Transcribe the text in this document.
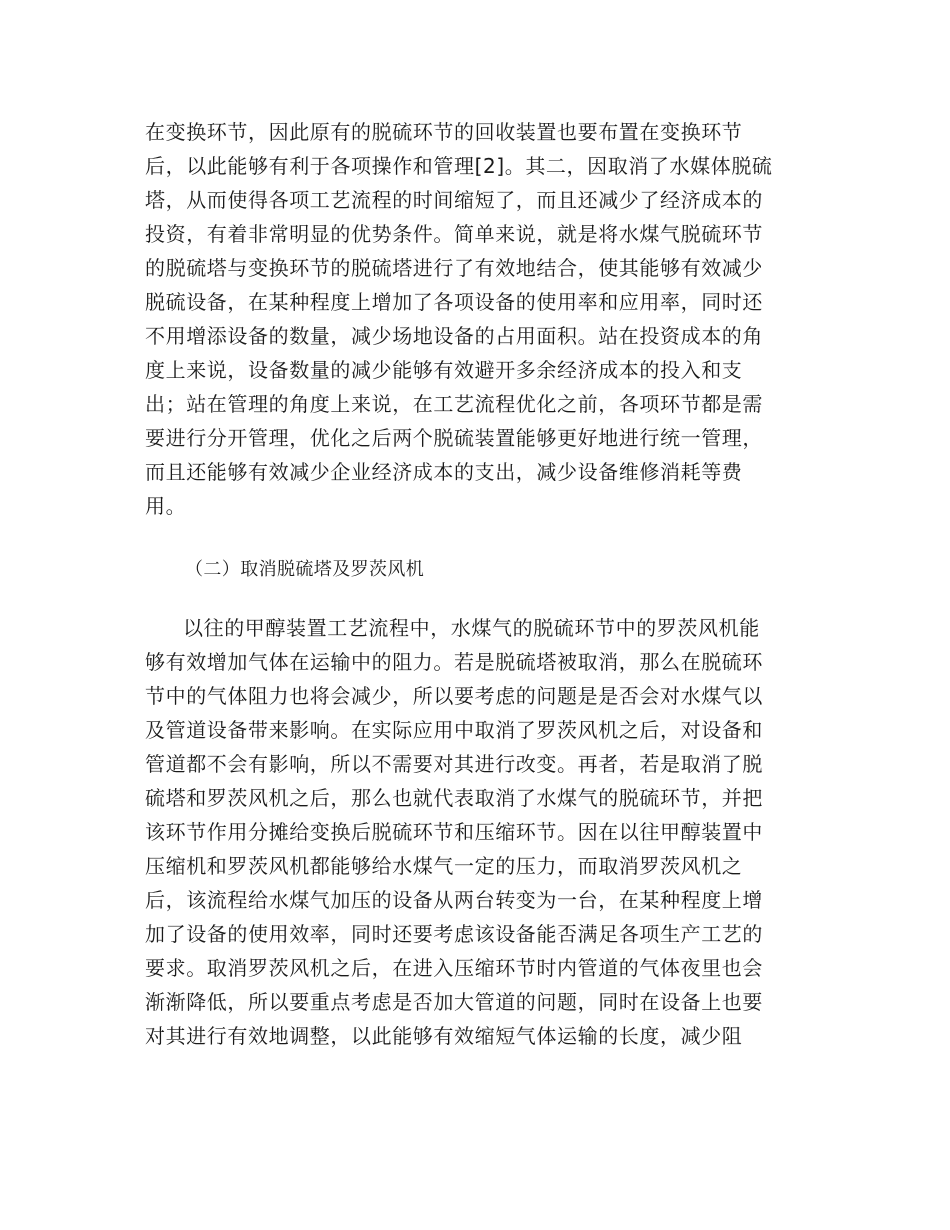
在变换环节，因此原有的脱硫环节的回收装置也要布置在变换环节
后，以此能够有利于各项操作和管理[2]。其二，因取消了水媒体脱硫
塔，从而使得各项工艺流程的时间缩短了，而且还减少了经济成本的
投资，有着非常明显的优势条件。简单来说，就是将水煤气脱硫环节
的脱硫塔与变换环节的脱硫塔进行了有效地结合，使其能够有效减少
脱硫设备，在某种程度上增加了各项设备的使用率和应用率，同时还
不用增添设备的数量，减少场地设备的占用面积。站在投资成本的角
度上来说，设备数量的减少能够有效避开多余经济成本的投入和支
出；站在管理的角度上来说，在工艺流程优化之前，各项环节都是需
要进行分开管理，优化之后两个脱硫装置能够更好地进行统一管理，
而且还能够有效减少企业经济成本的支出，减少设备维修消耗等费
用。
（二）取消脱硫塔及罗茨风机
以往的甲醇装置工艺流程中，水煤气的脱硫环节中的罗茨风机能
够有效增加气体在运输中的阻力。若是脱硫塔被取消，那么在脱硫环
节中的气体阻力也将会减少，所以要考虑的问题是是否会对水煤气以
及管道设备带来影响。在实际应用中取消了罗茨风机之后，对设备和
管道都不会有影响，所以不需要对其进行改变。再者，若是取消了脱
硫塔和罗茨风机之后，那么也就代表取消了水煤气的脱硫环节，并把
该环节作用分摊给变换后脱硫环节和压缩环节。因在以往甲醇装置中
压缩机和罗茨风机都能够给水煤气一定的压力，而取消罗茨风机之
后，该流程给水煤气加压的设备从两台转变为一台，在某种程度上增
加了设备的使用效率，同时还要考虑该设备能否满足各项生产工艺的
要求。取消罗茨风机之后，在进入压缩环节时内管道的气体夜里也会
渐渐降低，所以要重点考虑是否加大管道的问题，同时在设备上也要
对其进行有效地调整，以此能够有效缩短气体运输的长度，减少阻
